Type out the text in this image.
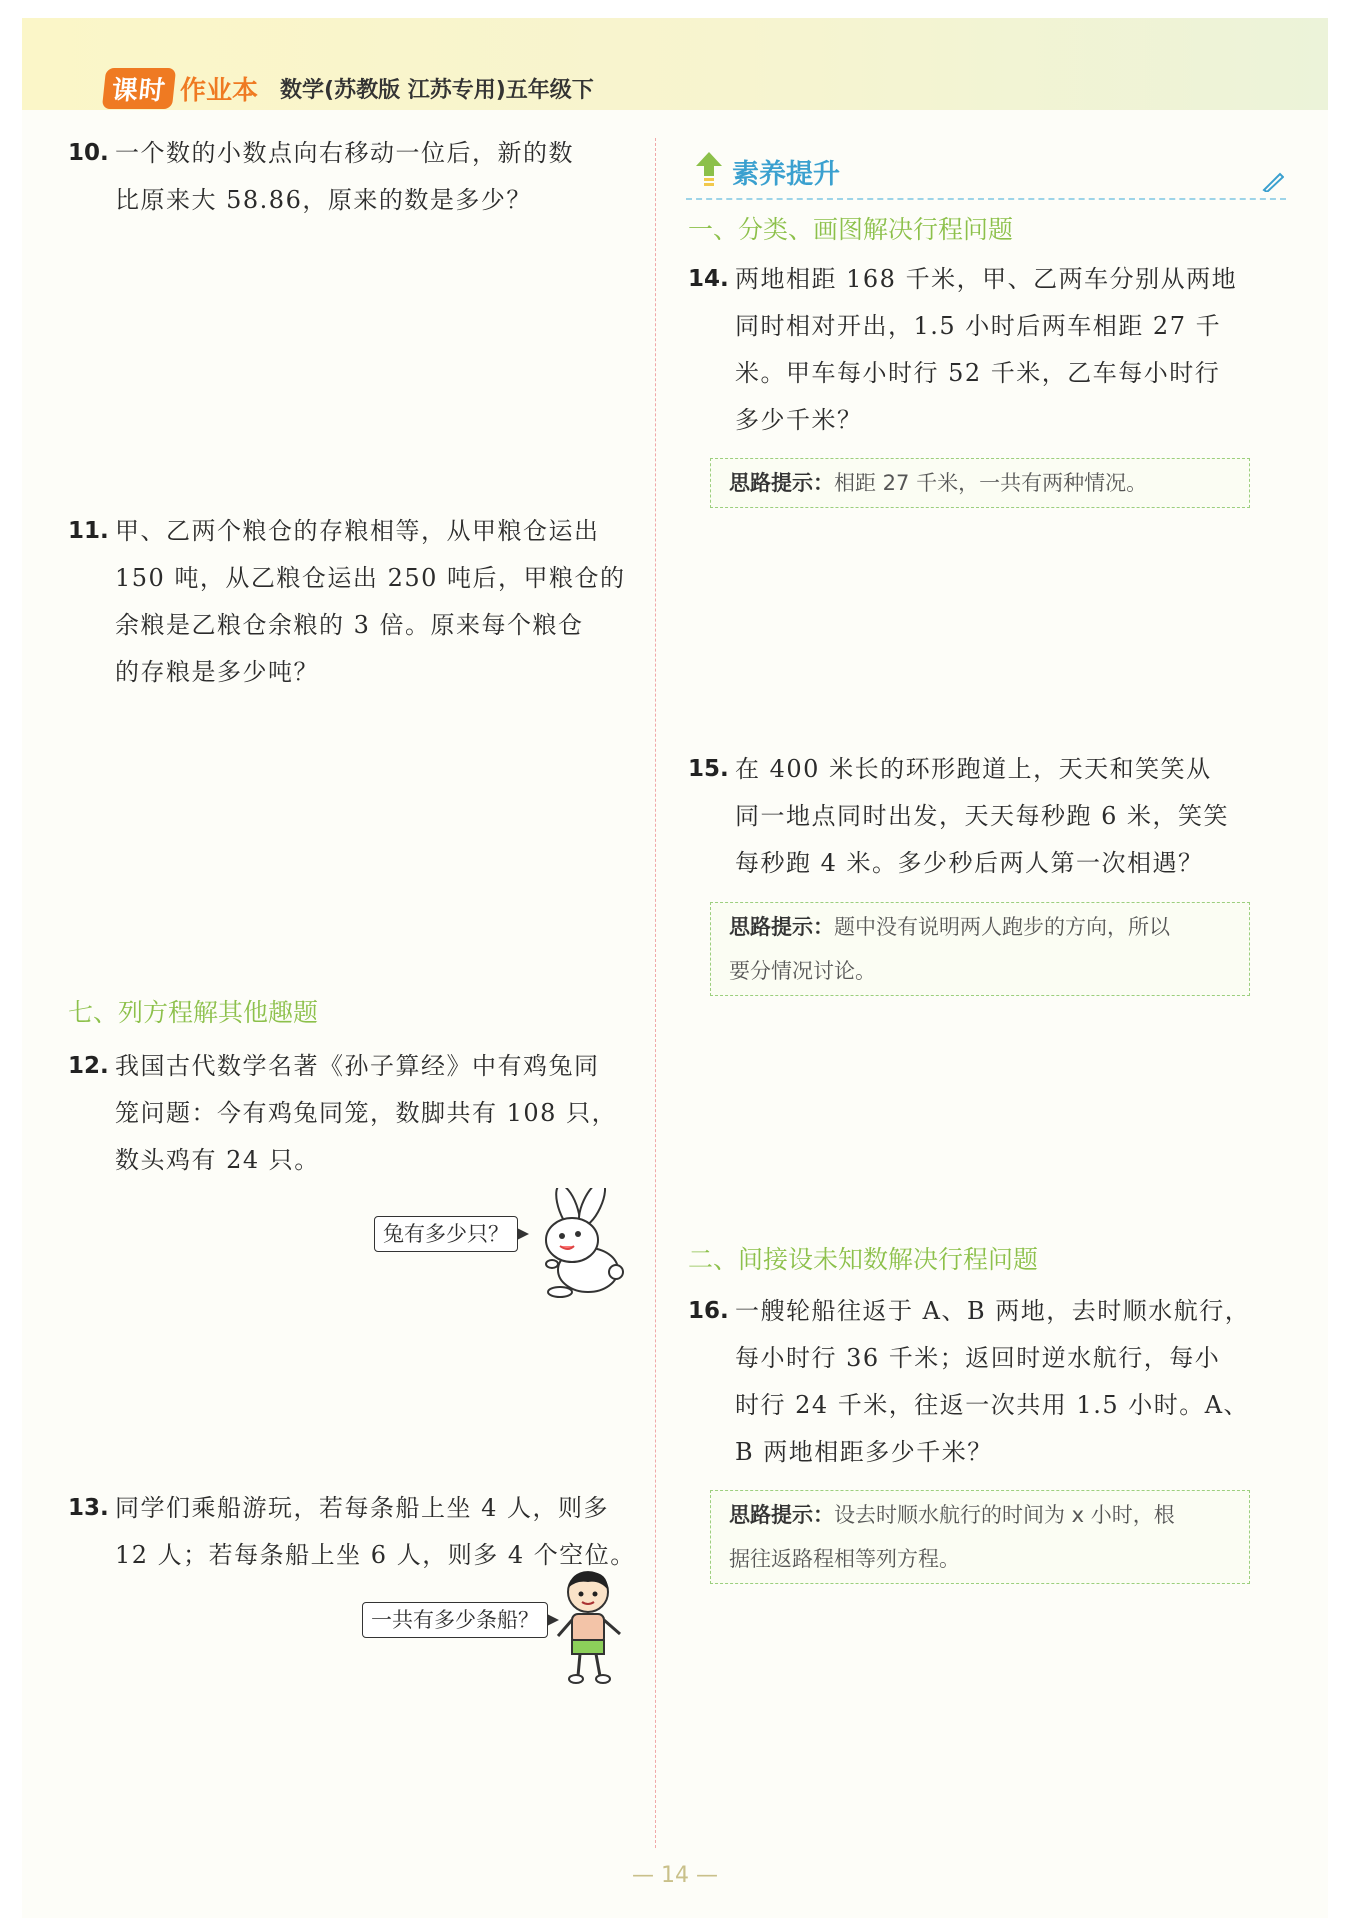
课时 作业本 数学(苏教版 江苏专用)五年级下
10. 一个数的小数点向右移动一位后，新的数
比原来大 58.86，原来的数是多少？
11. 甲、乙两个粮仓的存粮相等，从甲粮仓运出
150 吨，从乙粮仓运出 250 吨后，甲粮仓的
余粮是乙粮仓余粮的 3 倍。原来每个粮仓
的存粮是多少吨？
七、列方程解其他趣题
12. 我国古代数学名著《孙子算经》中有鸡兔同
笼问题：今有鸡兔同笼，数脚共有 108 只，
数头鸡有 24 只。
兔有多少只？
13. 同学们乘船游玩，若每条船上坐 4 人，则多
12 人；若每条船上坐 6 人，则多 4 个空位。
一共有多少条船？
素养提升
一、分类、画图解决行程问题
14. 两地相距 168 千米，甲、乙两车分别从两地
同时相对开出，1.5 小时后两车相距 27 千
米。甲车每小时行 52 千米，乙车每小时行
多少千米？
思路提示：相距 27 千米，一共有两种情况。
15. 在 400 米长的环形跑道上，天天和笑笑从
同一地点同时出发，天天每秒跑 6 米，笑笑
每秒跑 4 米。多少秒后两人第一次相遇？
思路提示：题中没有说明两人跑步的方向，所以
要分情况讨论。
二、间接设未知数解决行程问题
16. 一艘轮船往返于 A、B 两地，去时顺水航行，
每小时行 36 千米；返回时逆水航行，每小
时行 24 千米，往返一次共用 1.5 小时。A、
B 两地相距多少千米？
思路提示：设去时顺水航行的时间为 x 小时，根
据往返路程相等列方程。
— 14 —
